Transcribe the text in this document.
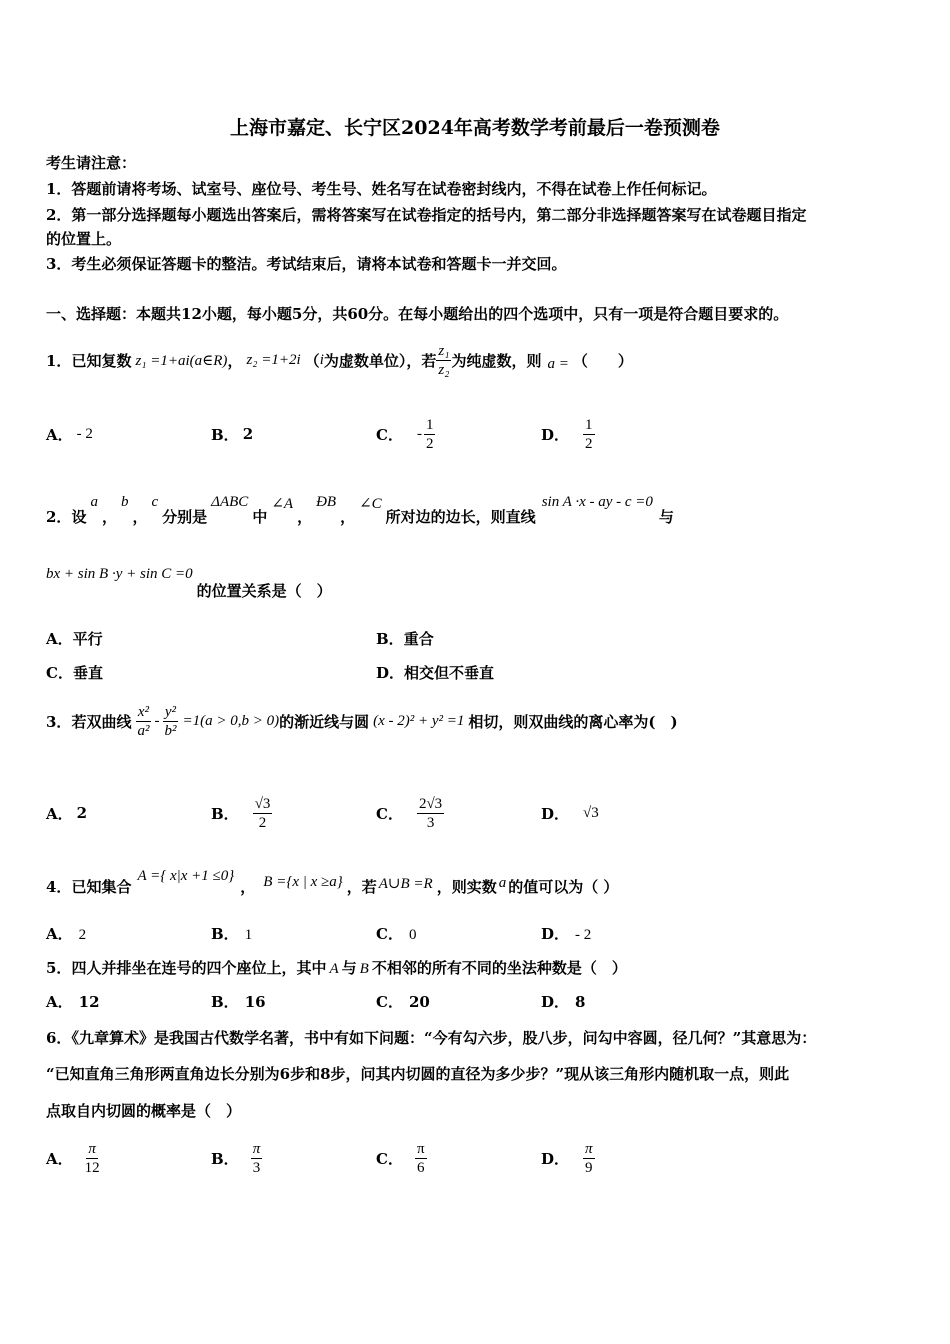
上海市嘉定、长宁区2024年高考数学考前最后一卷预测卷
考生请注意：
1．答题前请将考场、试室号、座位号、考生号、姓名写在试卷密封线内，不得在试卷上作任何标记。
2．第一部分选择题每小题选出答案后，需将答案写在试卷指定的括号内，第二部分非选择题答案写在试卷题目指定
的位置上。
3．考生必须保证答题卡的整洁。考试结束后，请将本试卷和答题卡一并交回。
一、选择题：本题共12小题，每小题5分，共60分。在每小题给出的四个选项中，只有一项是符合题目要求的。
1． 已知复数 z₁ =1+ai(a∈R) ， z₂ =1+2i （ i 为虚数单位），若 $\frac{\text{z₁}}{\text{z₂}}$ 为纯虚数，则 a = （　　）
A． - 2	B． 2	C． - $\frac{1}{2}$	D． $\frac{1}{2}$
2． 设
a
，
b
，
c
分别是
ΔABC
中
∠A
，
ÐB
，
∠C
所对边的边长，则直线
sin A ·x - ay - c =0
与
bx + sin B ·y + sin C =0
的位置关系是（　）
A．平行	B．重合
C．垂直	D．相交但不垂直
3． 若双曲线 $\frac{\text{x²}}{\text{a²}} - \frac{\text{y²}}{\text{b²}} =1(a > 0,b > 0)$ 的渐近线与圆 (x - 2)² + y² =1 相切，则双曲线的离心率为(　)
A． 2	B． $\frac{√3}{2}$	C． $\frac{2√3}{3}$	D． √3
4． 已知集合
A ={ x|x +1 ≤0}
， B ={x | x ≥a} ，若 A∪B =R ，则实数 a 的值可以为（ ）
A． 2	B． 1	C． 0	D． - 2
5．四人并排坐在连号的四个座位上，其中 A 与 B 不相邻的所有不同的坐法种数是（　）
A． 12	B． 16	C． 20	D． 8
6．《九章算术》是我国古代数学名著，书中有如下问题：“今有勾六步，股八步，问勾中容圆，径几何？”其意思为：
“已知直角三角形两直角边长分别为6步和8步，问其内切圆的直径为多少步？”现从该三角形内随机取一点，则此
点取自内切圆的概率是（　）
A． $\frac{\pi}{12}$	B． $\frac{\pi}{3}$	C． $\frac{\pi}{6}$	D． $\frac{\pi}{9}$
